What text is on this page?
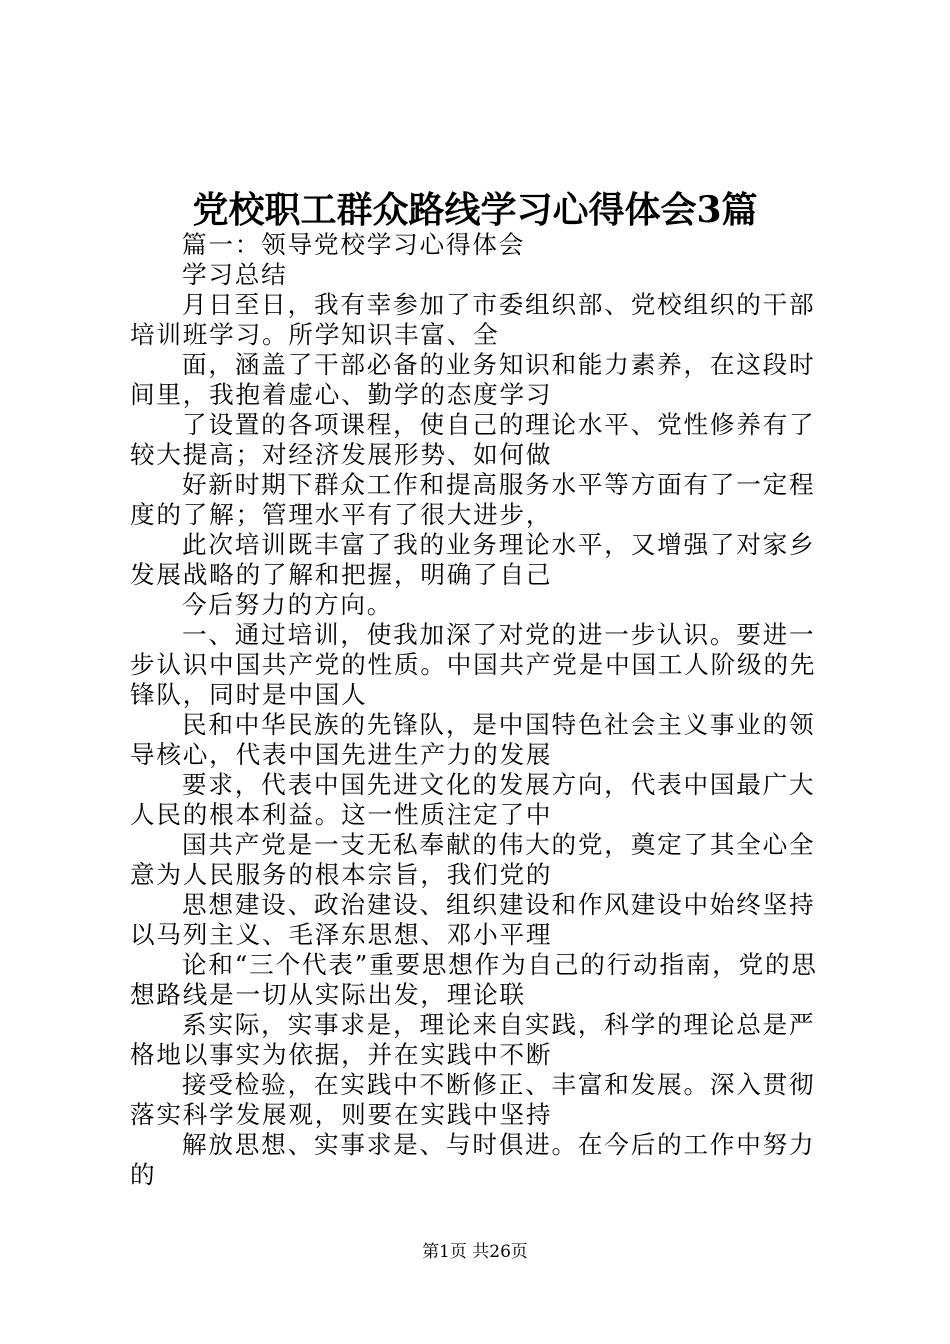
党校职工群众路线学习心得体会3篇

篇一：领导党校学习心得体会

学习总结

月日至日，我有幸参加了市委组织部、党校组织的干部培训班学习。所学知识丰富、全

面，涵盖了干部必备的业务知识和能力素养，在这段时间里，我抱着虚心、勤学的态度学习

了设置的各项课程，使自己的理论水平、党性修养有了较大提高；对经济发展形势、如何做

好新时期下群众工作和提高服务水平等方面有了一定程度的了解；管理水平有了很大进步，

此次培训既丰富了我的业务理论水平，又增强了对家乡发展战略的了解和把握，明确了自己

今后努力的方向。

一、通过培训，使我加深了对党的进一步认识。要进一步认识中国共产党的性质。中国共产党是中国工人阶级的先锋队，同时是中国人

民和中华民族的先锋队，是中国特色社会主义事业的领导核心，代表中国先进生产力的发展

要求，代表中国先进文化的发展方向，代表中国最广大人民的根本利益。这一性质注定了中

国共产党是一支无私奉献的伟大的党，奠定了其全心全意为人民服务的根本宗旨，我们党的

思想建设、政治建设、组织建设和作风建设中始终坚持以马列主义、毛泽东思想、邓小平理

论和“三个代表”重要思想作为自己的行动指南，党的思想路线是一切从实际出发，理论联

系实际，实事求是，理论来自实践，科学的理论总是严格地以事实为依据，并在实践中不断

接受检验，在实践中不断修正、丰富和发展。深入贯彻落实科学发展观，则要在实践中坚持

解放思想、实事求是、与时俱进。在今后的工作中努力的

第1页 共26页
